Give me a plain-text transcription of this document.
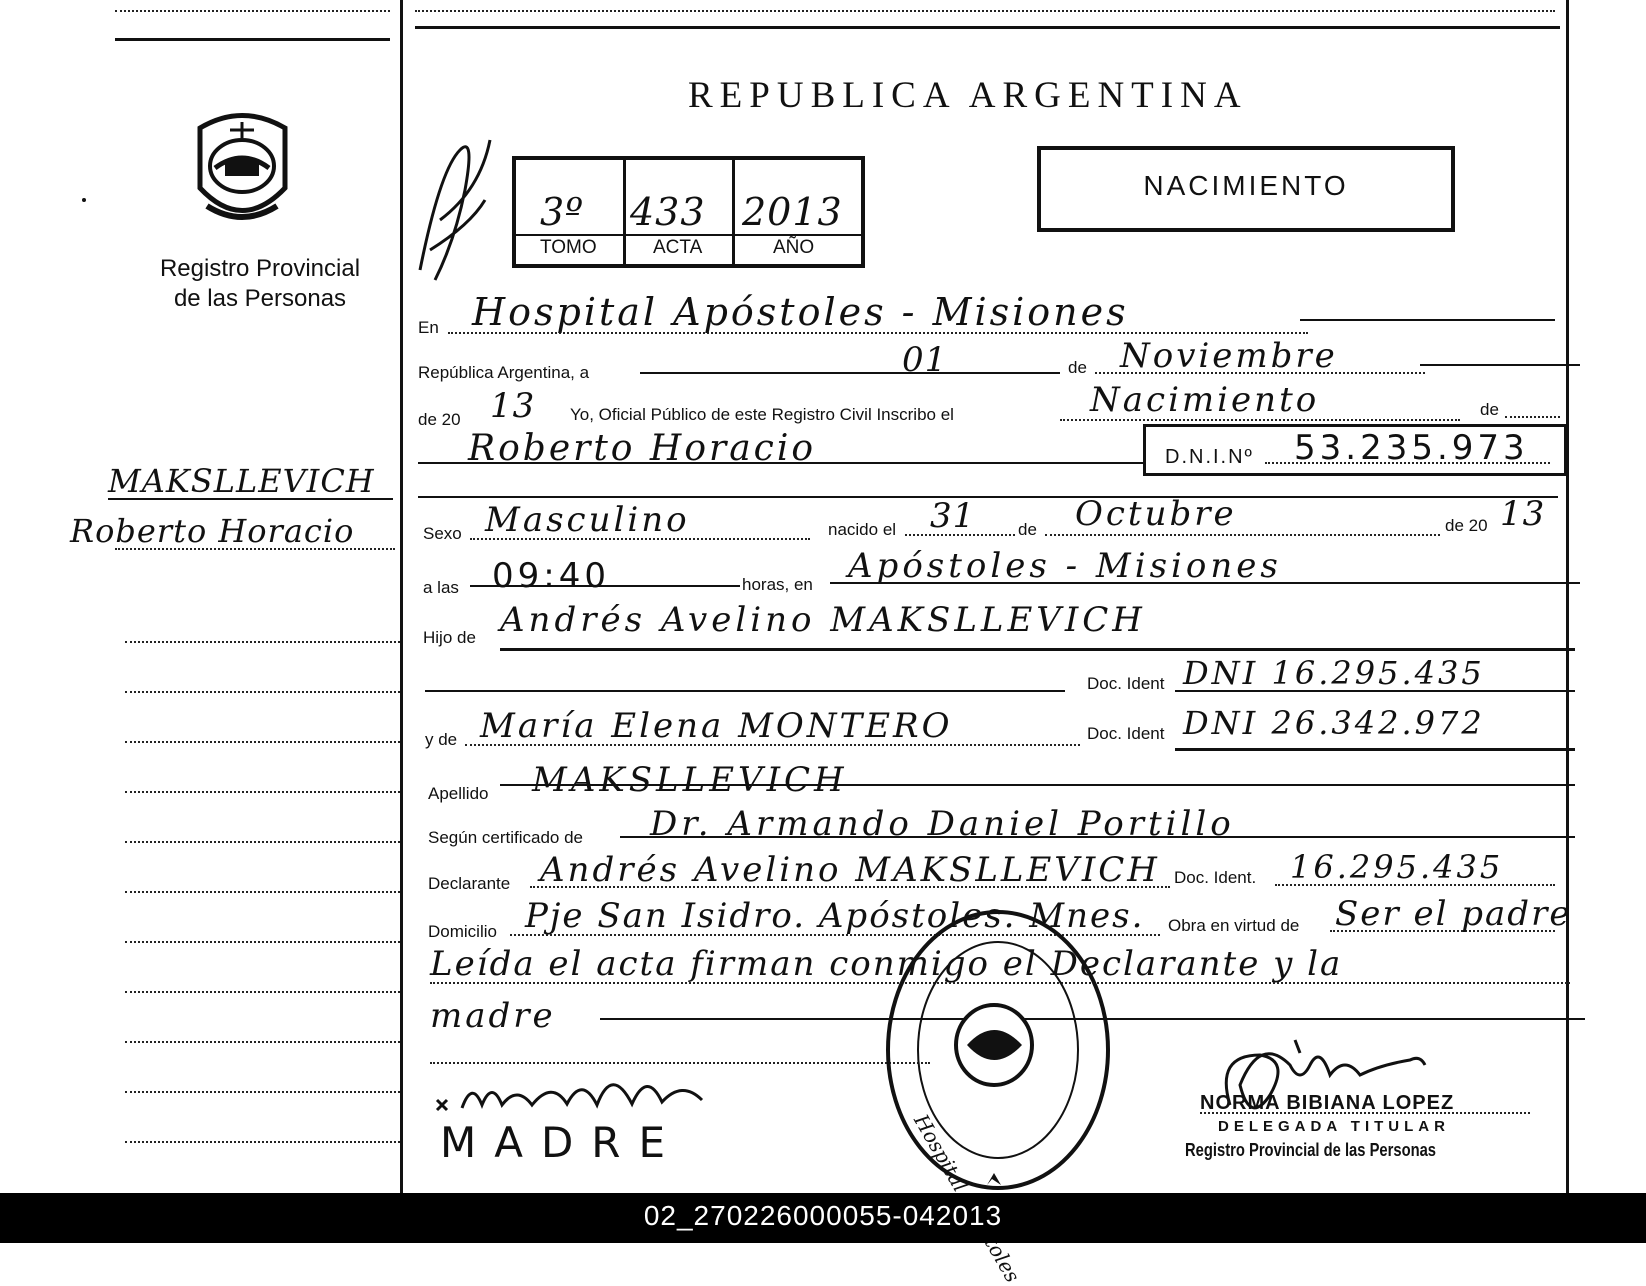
Registro Provincial
de las Personas
MAKSLLEVICH
Roberto Horacio
REPUBLICA ARGENTINA
3º 433 2013
TOMO	ACTA	AÑO
NACIMIENTO
En Hospital Apóstoles - Misiones
República Argentina, a	01	de Noviembre
de 20 13 Yo, Oficial Público de este Registro Civil Inscribo el	Nacimiento	de
Roberto Horacio	D.N.I.Nº 53.235.973
Sexo Masculino	nacido el 31	de Octubre	de 20 13
a las 09:40	horas, en Apóstoles - Misiones
Hijo de Andrés Avelino MAKSLLEVICH
Doc. Ident DNI 16.295.435
y de María Elena MONTERO	Doc. Ident DNI 26.342.972
Apellido MAKSLLEVICH
Según certificado de Dr. Armando Daniel Portillo
Declarante Andrés Avelino MAKSLLEVICH Doc. Ident. 16.295.435
Domicilio Pje San Isidro. Apóstoles. Mnes. Obra en virtud de Ser el padre
Leída el acta firman conmigo el Declarante y la
madre
MADRE
NORMA BIBIANA LOPEZ
DELEGADA TITULAR
Registro Provincial de las Personas
02_270226000055-042013
